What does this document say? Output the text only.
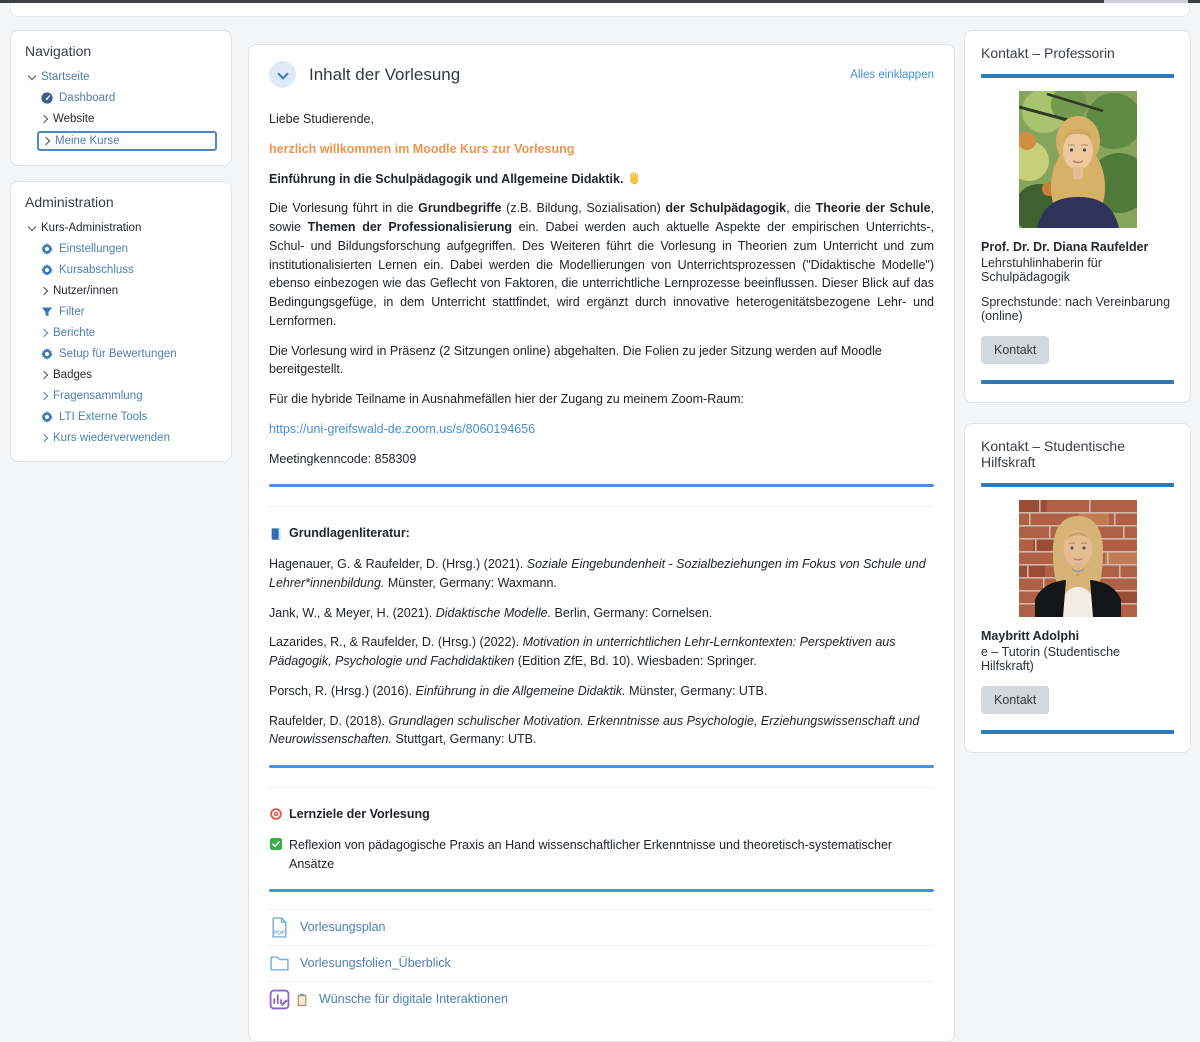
Navigation
Startseite
Dashboard
Website
Meine Kurse
Administration
Kurs-Administration
Einstellungen
Kursabschluss
Nutzer/innen
Filter
Berichte
Setup für Bewertungen
Badges
Fragensammlung
LTI Externe Tools
Kurs wiederverwenden
Inhalt der Vorlesung	Alles einklappen

Liebe Studierende,

herzlich willkommen im Moodle Kurs zur Vorlesung

Einführung in die Schulpädagogik und Allgemeine Didaktik.

Die Vorlesung führt in die Grundbegriffe (z.B. Bildung, Sozialisation) der Schulpädagogik, die Theorie der Schule, sowie Themen der Professionalisierung ein. Dabei werden auch aktuelle Aspekte der empirischen Unterrichts-, Schul- und Bildungsforschung aufgegriffen. Des Weiteren führt die Vorlesung in Theorien zum Unterricht und zum institutionalisierten Lernen ein. Dabei werden die Modellierungen von Unterrichtsprozessen ("Didaktische Modelle") ebenso einbezogen wie das Geflecht von Faktoren, die unterrichtliche Lernprozesse beeinflussen. Dieser Blick auf das Bedingungsgefüge, in dem Unterricht stattfindet, wird ergänzt durch innovative heterogenitätsbezogene Lehr- und Lernformen.

Die Vorlesung wird in Präsenz (2 Sitzungen online) abgehalten. Die Folien zu jeder Sitzung werden auf Moodle bereitgestellt.

Für die hybride Teilname in Ausnahmefällen hier der Zugang zu meinem Zoom-Raum:

https://uni-greifswald-de.zoom.us/s/8060194656

Meetingkenncode: 858309

Grundlagenliteratur:

Hagenauer, G. & Raufelder, D. (Hrsg.) (2021). Soziale Eingebundenheit - Sozialbeziehungen im Fokus von Schule und Lehrer*innenbildung. Münster, Germany: Waxmann.

Jank, W., & Meyer, H. (2021). Didaktische Modelle. Berlin, Germany: Cornelsen.

Lazarides, R., & Raufelder, D. (Hrsg.) (2022). Motivation in unterrichtlichen Lehr-Lernkontexten: Perspektiven aus Pädagogik, Psychologie und Fachdidaktiken (Edition ZfE, Bd. 10). Wiesbaden: Springer.

Porsch, R. (Hrsg.) (2016). Einführung in die Allgemeine Didaktik. Münster, Germany: UTB.

Raufelder, D. (2018). Grundlagen schulischer Motivation. Erkenntnisse aus Psychologie, Erziehungswissenschaft und Neurowissenschaften. Stuttgart, Germany: UTB.

Lernziele der Vorlesung
Reflexion von pädagogische Praxis an Hand wissenschaftlicher Erkenntnisse und theoretisch-systematischer Ansätze
PDF Vorlesungsplan
Vorlesungsfolien_Überblick
Wünsche für digitale Interaktionen
Kontakt – Professorin

Prof. Dr. Dr. Diana Raufelder

Lehrstuhlinhaberin für Schulpädagogik

Sprechstunde: nach Vereinbarung (online)

Kontakt
Kontakt – Studentische Hilfskraft

Maybritt Adolphi

e – Tutorin (Studentische Hilfskraft)

Kontakt
